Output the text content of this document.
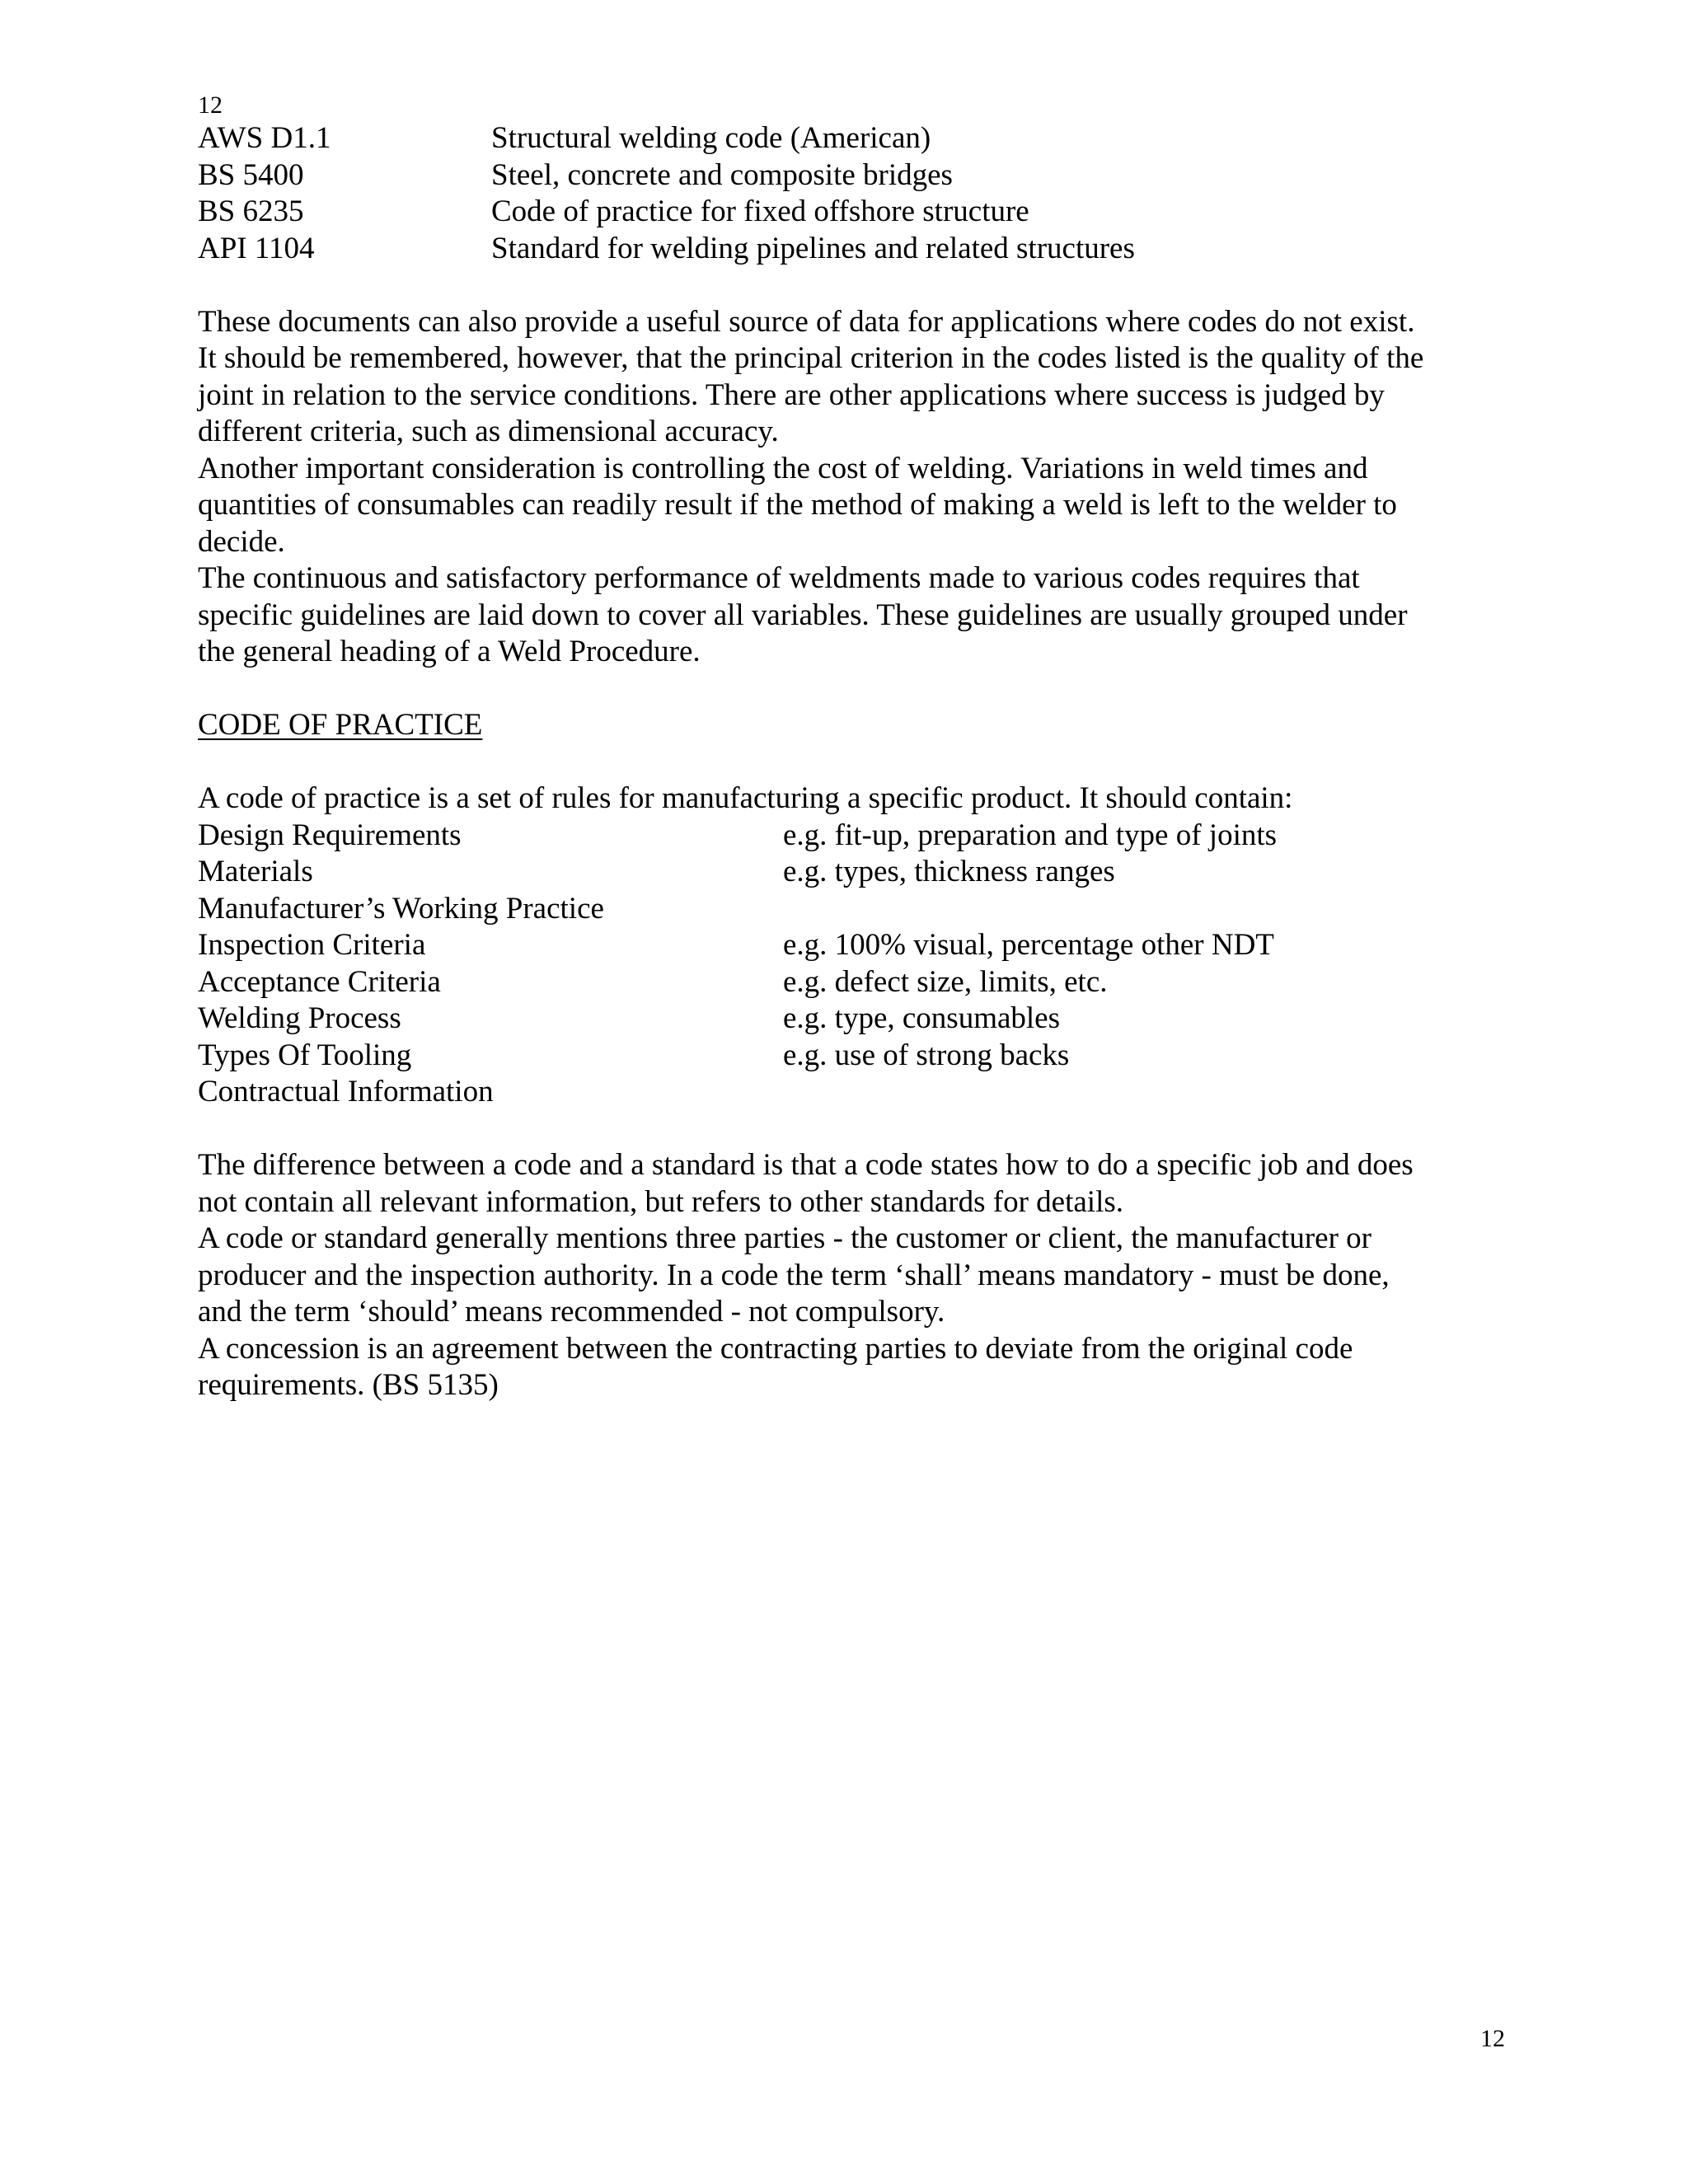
12
AWS D1.1	Structural welding code (American)
BS 5400	Steel, concrete and composite bridges
BS 6235	Code of practice for fixed offshore structure
API 1104	Standard for welding pipelines and related structures
These documents can also provide a useful source of data for applications where codes do not exist.
It should be remembered, however, that the principal criterion in the codes listed is the quality of the
joint in relation to the service conditions. There are other applications where success is judged by
different criteria, such as dimensional accuracy.
Another important consideration is controlling the cost of welding. Variations in weld times and
quantities of consumables can readily result if the method of making a weld is left to the welder to
decide.
The continuous and satisfactory performance of weldments made to various codes requires that
specific guidelines are laid down to cover all variables. These guidelines are usually grouped under
the general heading of a Weld Procedure.
CODE OF PRACTICE
A code of practice is a set of rules for manufacturing a specific product. It should contain:
Design Requirements	e.g. fit-up, preparation and type of joints
Materials	e.g. types, thickness ranges
Manufacturer’s Working Practice
Inspection Criteria	e.g. 100% visual, percentage other NDT
Acceptance Criteria	e.g. defect size, limits, etc.
Welding Process	e.g. type, consumables
Types Of Tooling	e.g. use of strong backs
Contractual Information
The difference between a code and a standard is that a code states how to do a specific job and does
not contain all relevant information, but refers to other standards for details.
A code or standard generally mentions three parties - the customer or client, the manufacturer or
producer and the inspection authority. In a code the term ‘shall’ means mandatory - must be done,
and the term ‘should’ means recommended - not compulsory.
A concession is an agreement between the contracting parties to deviate from the original code
requirements. (BS 5135)
12
